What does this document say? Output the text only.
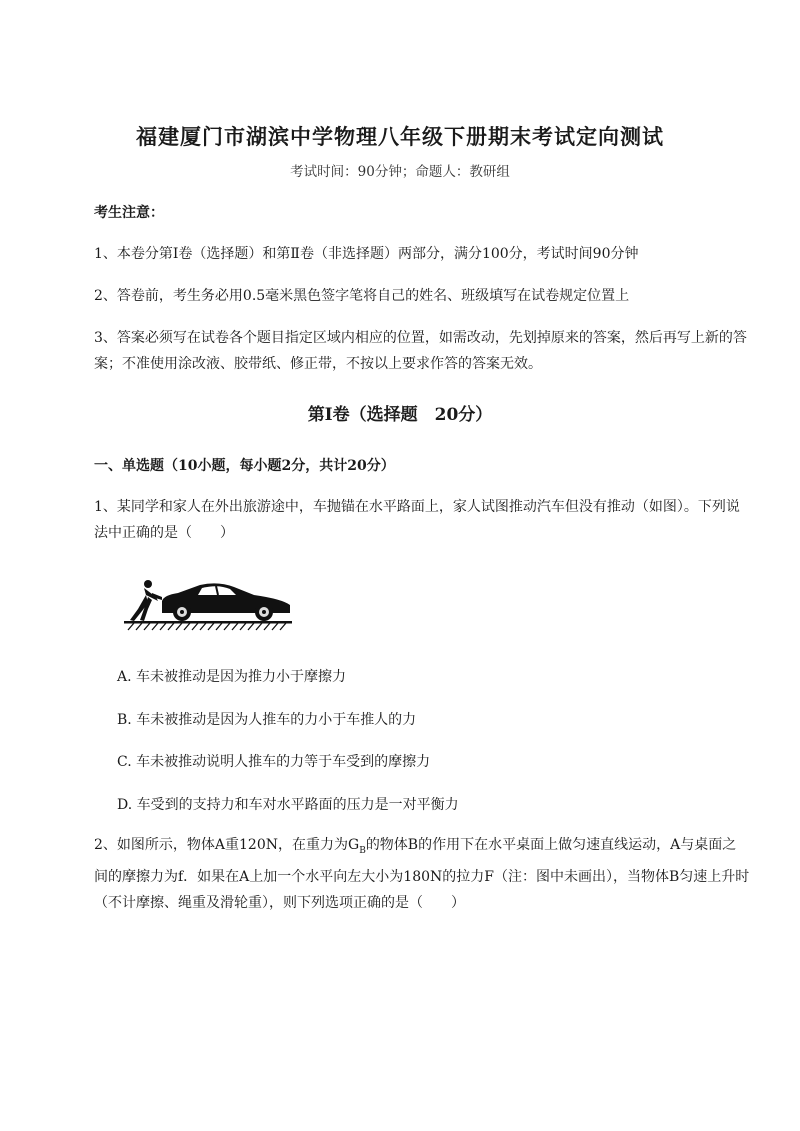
福建厦门市湖滨中学物理八年级下册期末考试定向测试
考试时间：90分钟；命题人：教研组
考生注意：
1、本卷分第I卷（选择题）和第Ⅱ卷（非选择题）两部分，满分100分，考试时间90分钟
2、答卷前，考生务必用0.5毫米黑色签字笔将自己的姓名、班级填写在试卷规定位置上
3、答案必须写在试卷各个题目指定区域内相应的位置，如需改动，先划掉原来的答案，然后再写上新的答案；不准使用涂改液、胶带纸、修正带，不按以上要求作答的答案无效。
第I卷（选择题　20分）
一、单选题（10小题，每小题2分，共计20分）
1、某同学和家人在外出旅游途中，车抛锚在水平路面上，家人试图推动汽车但没有推动（如图）。下列说法中正确的是（　　）
A. 车未被推动是因为推力小于摩擦力
B. 车未被推动是因为人推车的力小于车推人的力
C. 车未被推动说明人推车的力等于车受到的摩擦力
D. 车受到的支持力和车对水平路面的压力是一对平衡力
2、如图所示，物体A重120N，在重力为$G_B$的物体B的作用下在水平桌面上做匀速直线运动，A与桌面之间的摩擦力为f．如果在A上加一个水平向左大小为180N的拉力F（注：图中未画出），当物体B匀速上升时（不计摩擦、绳重及滑轮重），则下列选项正确的是（　　）
